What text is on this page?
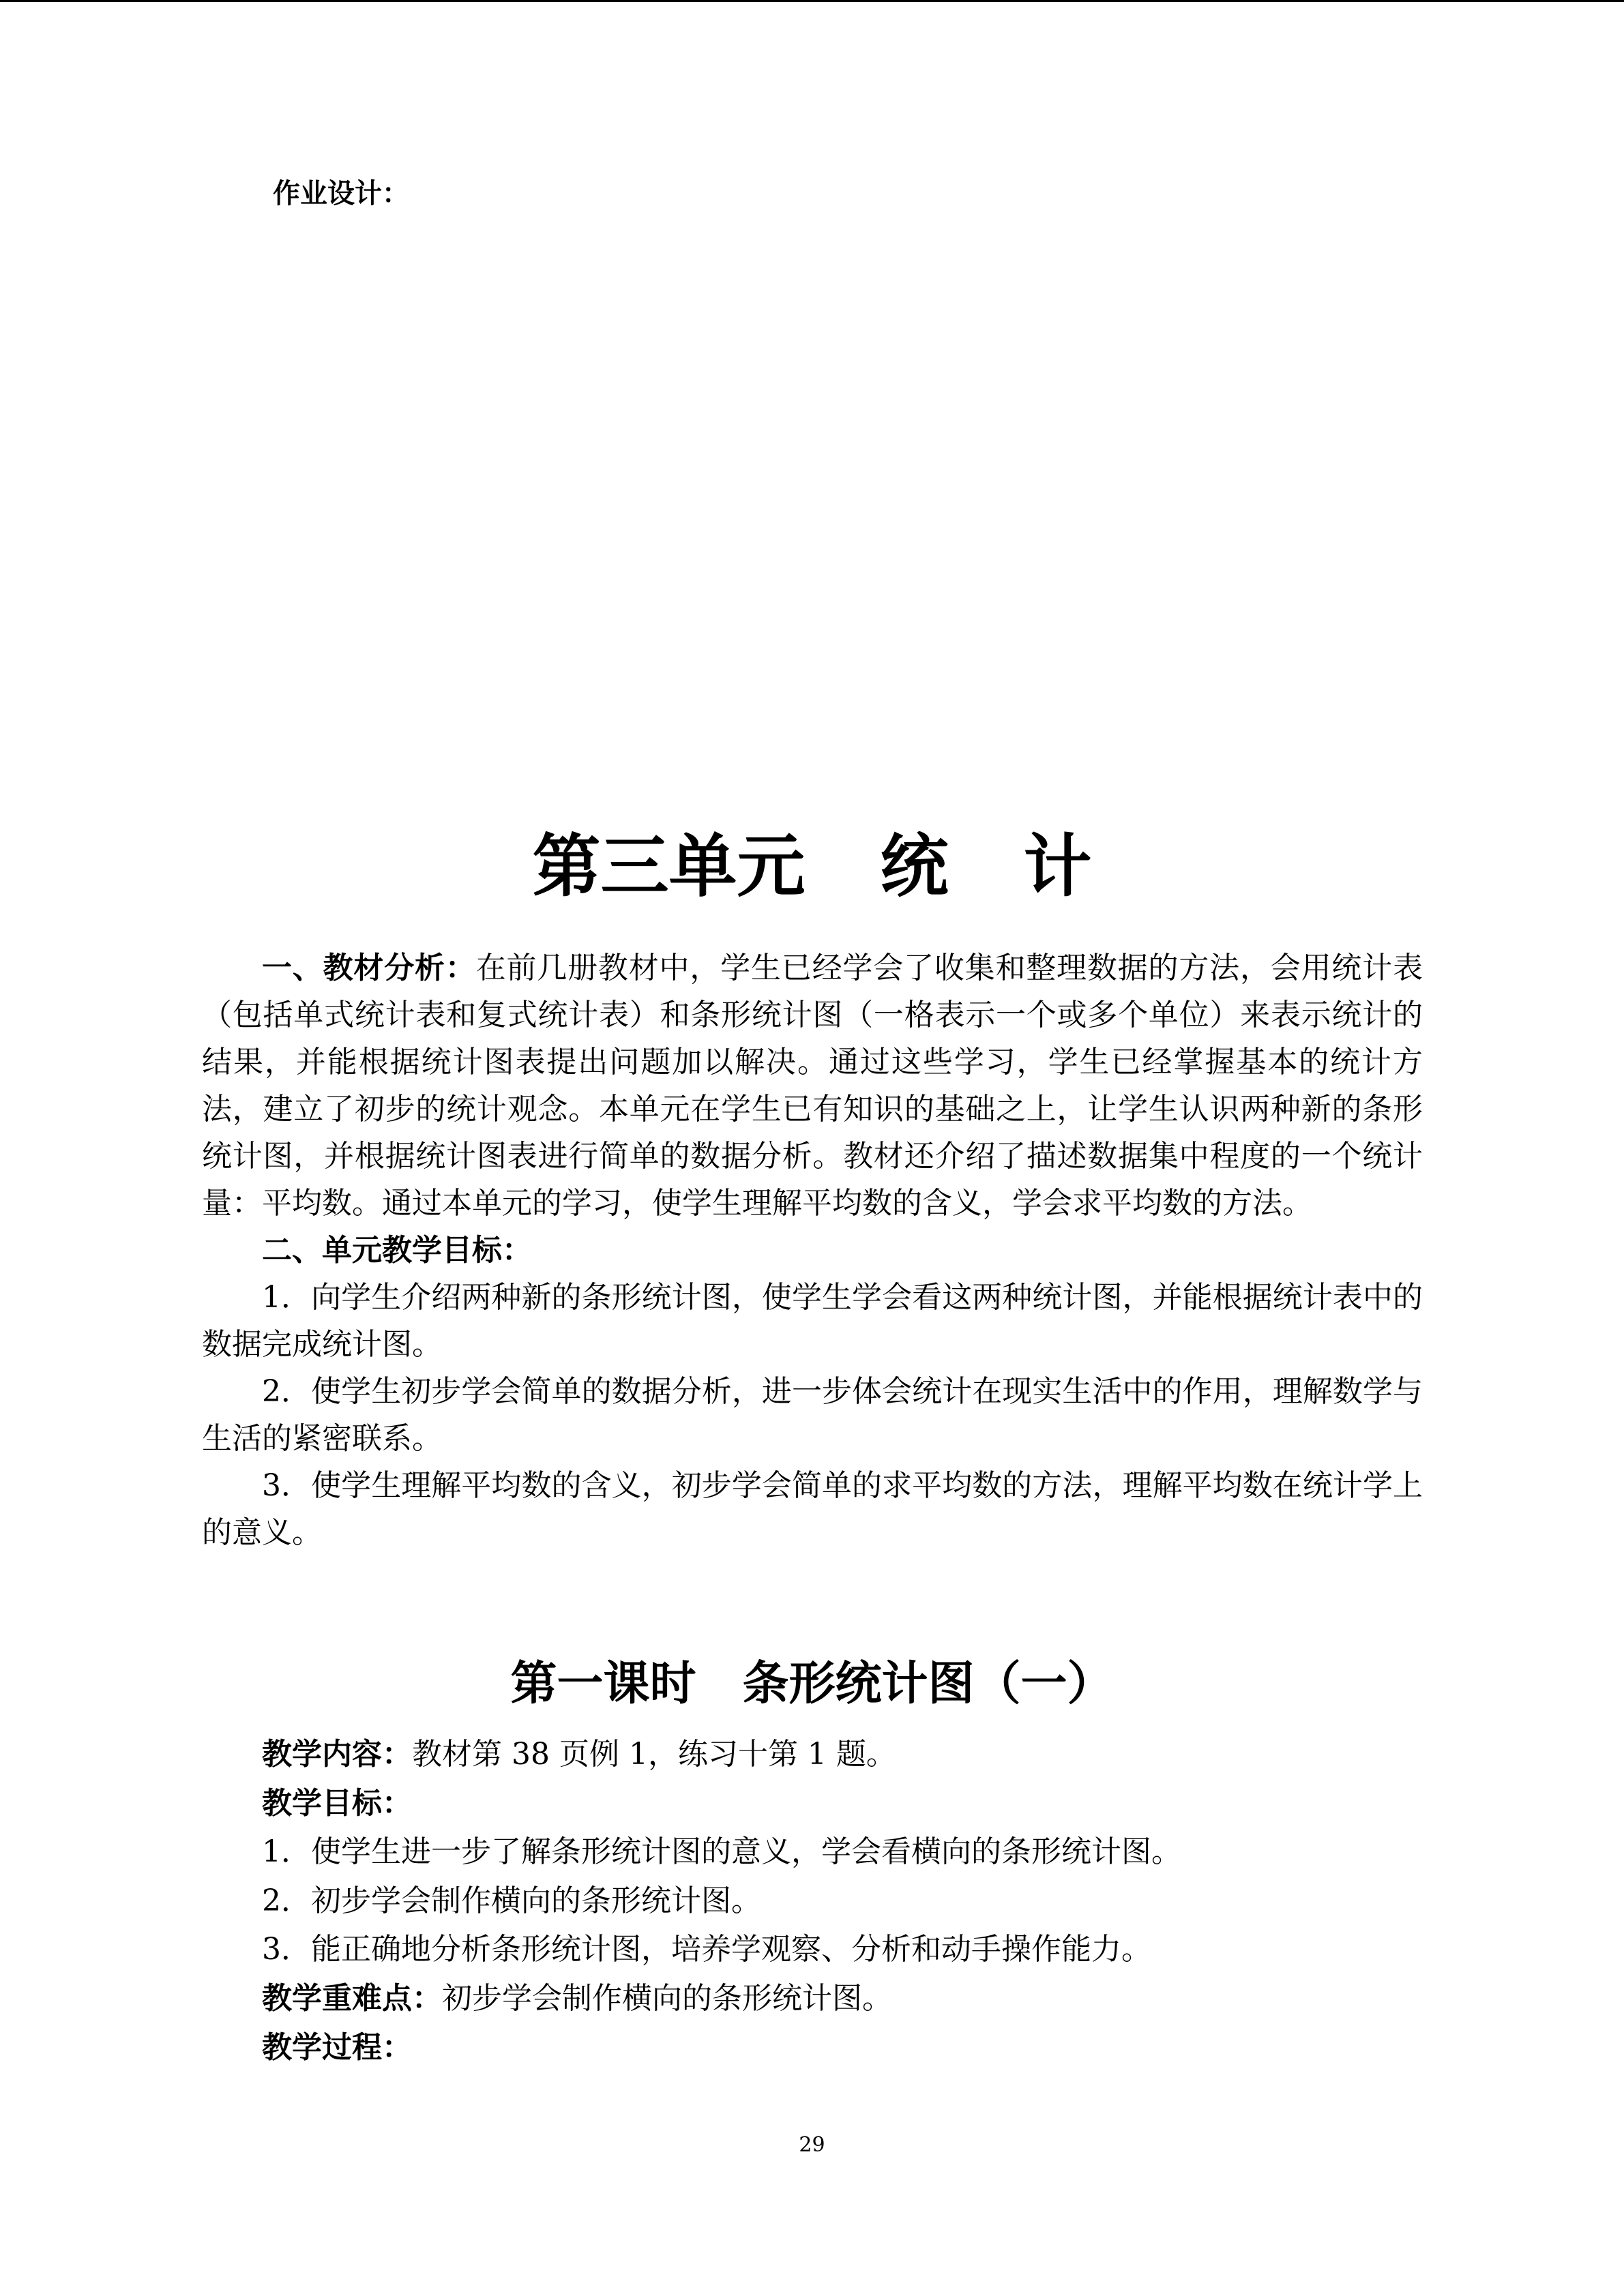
作业设计：

第三单元 统 计

一、教材分析：在前几册教材中，学生已经学会了收集和整理数据的方法，会用统计表（包括单式统计表和复式统计表）和条形统计图（一格表示一个或多个单位）来表示统计的结果，并能根据统计图表提出问题加以解决。通过这些学习，学生已经掌握基本的统计方法，建立了初步的统计观念。本单元在学生已有知识的基础之上，让学生认识两种新的条形统计图，并根据统计图表进行简单的数据分析。教材还介绍了描述数据集中程度的一个统计量：平均数。通过本单元的学习，使学生理解平均数的含义，学会求平均数的方法。

二、单元教学目标：

1．向学生介绍两种新的条形统计图，使学生学会看这两种统计图，并能根据统计表中的数据完成统计图。

2．使学生初步学会简单的数据分析，进一步体会统计在现实生活中的作用，理解数学与生活的紧密联系。

3．使学生理解平均数的含义，初步学会简单的求平均数的方法，理解平均数在统计学上的意义。

第一课时　条形统计图（一）

教学内容：教材第 38 页例 1，练习十第 1 题。

教学目标：

1．使学生进一步了解条形统计图的意义，学会看横向的条形统计图。

2．初步学会制作横向的条形统计图。

3．能正确地分析条形统计图，培养学观察、分析和动手操作能力。

教学重难点：初步学会制作横向的条形统计图。

教学过程：

29
